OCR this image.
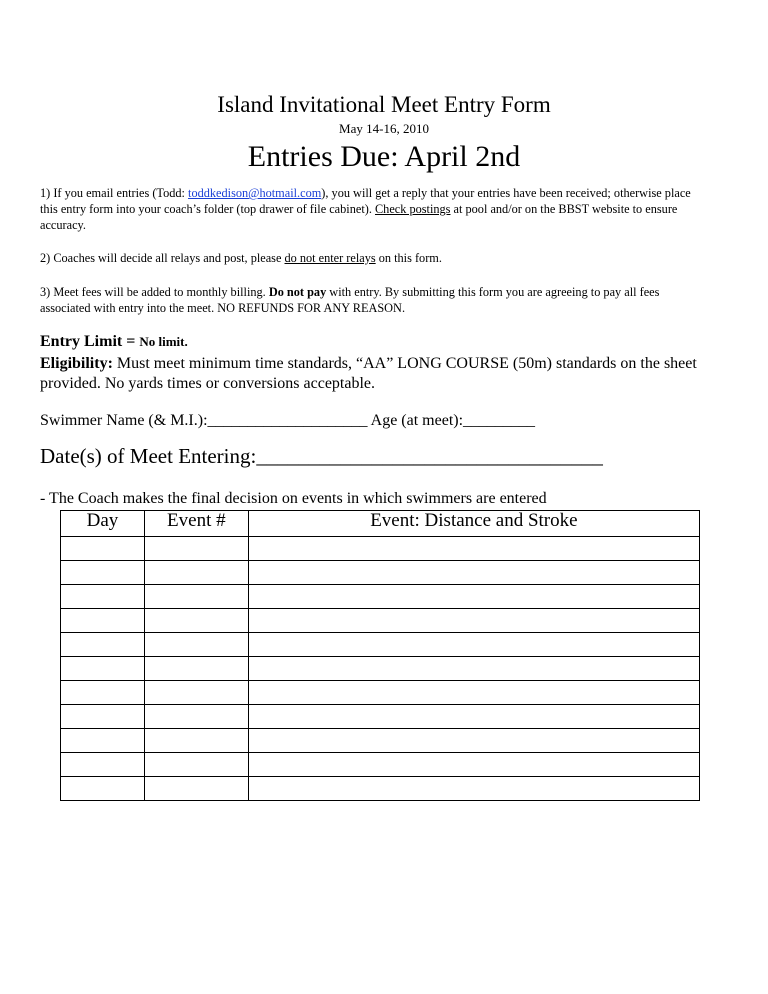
Island Invitational Meet Entry Form
May 14-16, 2010
Entries Due: April 2nd
1) If you email entries (Todd: toddkedison@hotmail.com), you will get a reply that your entries have been received; otherwise place this entry form into your coach’s folder (top drawer of file cabinet). Check postings at pool and/or on the BBST website to ensure accuracy.
2) Coaches will decide all relays and post, please do not enter relays on this form.
3) Meet fees will be added to monthly billing. Do not pay with entry. By submitting this form you are agreeing to pay all fees associated with entry into the meet. NO REFUNDS FOR ANY REASON.
Entry Limit = No limit.
Eligibility: Must meet minimum time standards, “AA” LONG COURSE (50m) standards on the sheet provided. No yards times or conversions acceptable.
Swimmer Name (& M.I.):____________________ Age (at meet):_________
Date(s) of Meet Entering:_________________________________
- The Coach makes the final decision on events in which swimmers are entered
Day	Event #	Event: Distance and Stroke
